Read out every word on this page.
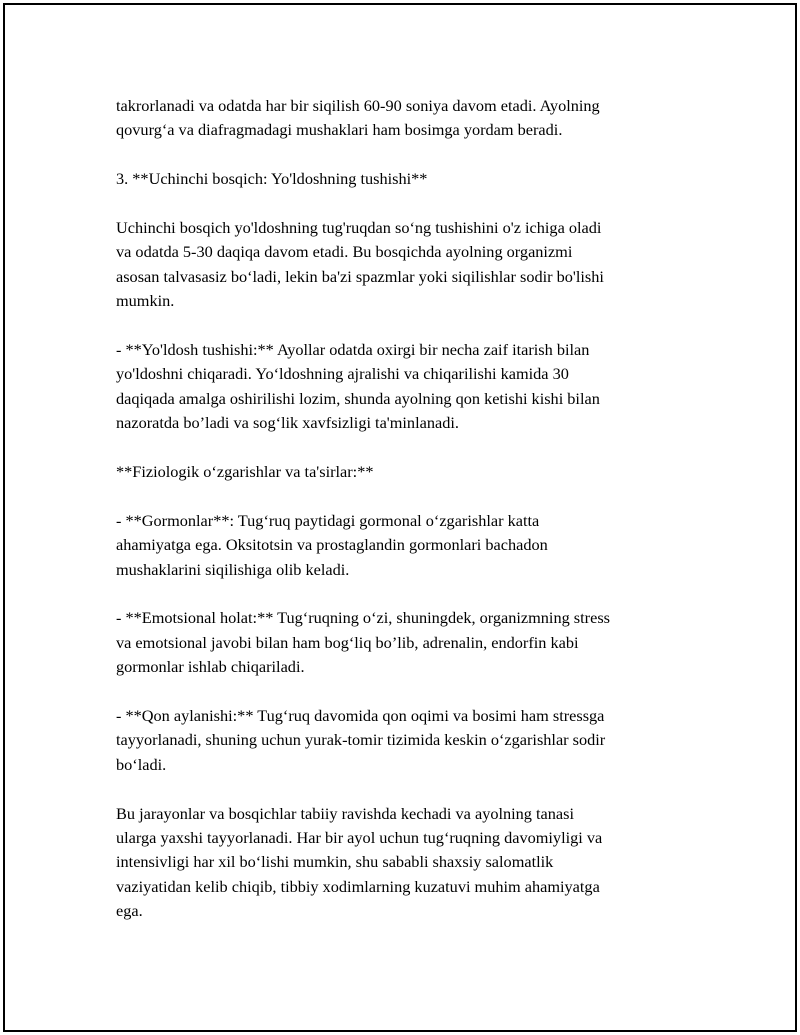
takrorlanadi va odatda har bir siqilish 60-90 soniya davom etadi. Ayolning
qovurg‘a va diafragmadagi mushaklari ham bosimga yordam beradi.

3. **Uchinchi bosqich: Yo'ldoshning tushishi**

Uchinchi bosqich yo'ldoshning tug'ruqdan so‘ng tushishini o'z ichiga oladi
va odatda 5-30 daqiqa davom etadi. Bu bosqichda ayolning organizmi
asosan talvasasiz bo‘ladi, lekin ba'zi spazmlar yoki siqilishlar sodir bo'lishi
mumkin.

- **Yo'ldosh tushishi:** Ayollar odatda oxirgi bir necha zaif itarish bilan
yo'ldoshni chiqaradi. Yo‘ldoshning ajralishi va chiqarilishi kamida 30
daqiqada amalga oshirilishi lozim, shunda ayolning qon ketishi kishi bilan
nazoratda bo’ladi va sog‘lik xavfsizligi ta'minlanadi.

**Fiziologik o‘zgarishlar va ta'sirlar:**

- **Gormonlar**: Tug‘ruq paytidagi gormonal o‘zgarishlar katta
ahamiyatga ega. Oksitotsin va prostaglandin gormonlari bachadon
mushaklarini siqilishiga olib keladi.

- **Emotsional holat:** Tug‘ruqning o‘zi, shuningdek, organizmning stress
va emotsional javobi bilan ham bog‘liq bo’lib, adrenalin, endorfin kabi
gormonlar ishlab chiqariladi.

- **Qon aylanishi:** Tug‘ruq davomida qon oqimi va bosimi ham stressga
tayyorlanadi, shuning uchun yurak-tomir tizimida keskin o‘zgarishlar sodir
bo‘ladi.

Bu jarayonlar va bosqichlar tabiiy ravishda kechadi va ayolning tanasi
ularga yaxshi tayyorlanadi. Har bir ayol uchun tug‘ruqning davomiyligi va
intensivligi har xil bo‘lishi mumkin, shu sababli shaxsiy salomatlik
vaziyatidan kelib chiqib, tibbiy xodimlarning kuzatuvi muhim ahamiyatga
ega.
